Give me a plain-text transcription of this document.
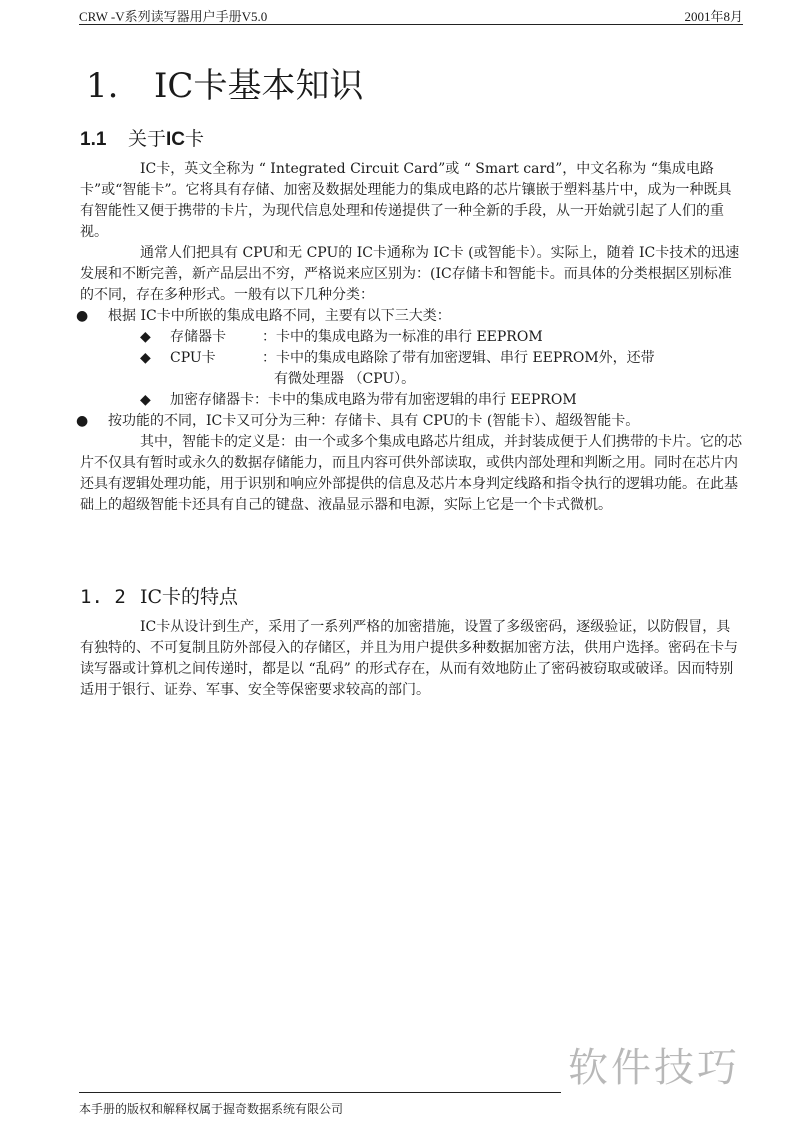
CRW -V系列读写器用户手册V5.0	2001年8月
1. IC卡基本知识
1.1 关于IC卡

IC卡，英文全称为 “ Integrated Circuit Card”或 “ Smart card”，中文名称为 “集成电路卡”或“智能卡”。它将具有存储、加密及数据处理能力的集成电路的芯片镶嵌于塑料基片中，成为一种既具有智能性又便于携带的卡片，为现代信息处理和传递提供了一种全新的手段，从一开始就引起了人们的重视。

通常人们把具有 CPU和无 CPU的 IC卡通称为 IC卡 (或智能卡）。实际上，随着 IC卡技术的迅速发展和不断完善，新产品层出不穷，严格说来应区别为：(IC存储卡和智能卡。而具体的分类根据区别标准的不同，存在多种形式。一般有以下几种分类：

● 根据 IC卡中所嵌的集成电路不同，主要有以下三大类：

◆ 存储器卡	：卡中的集成电路为一标准的串行 EEPROM

◆ CPU卡	：卡中的集成电路除了带有加密逻辑、串行 EEPROM外，还带

有微处理器 （CPU）。

◆ 加密存储器卡：卡中的集成电路为带有加密逻辑的串行 EEPROM

● 按功能的不同，IC卡又可分为三种：存储卡、具有 CPU的卡 (智能卡）、超级智能卡。

其中，智能卡的定义是：由一个或多个集成电路芯片组成，并封装成便于人们携带的卡片。它的芯片不仅具有暂时或永久的数据存储能力，而且内容可供外部读取，或供内部处理和判断之用。同时在芯片内还具有逻辑处理功能，用于识别和响应外部提供的信息及芯片本身判定线路和指令执行的逻辑功能。在此基础上的超级智能卡还具有自己的键盘、液晶显示器和电源，实际上它是一个卡式微机。

1. 2 IC卡的特点

IC卡从设计到生产，采用了一系列严格的加密措施，设置了多级密码，逐级验证，以防假冒，具有独特的、不可复制且防外部侵入的存储区，并且为用户提供多种数据加密方法，供用户选择。密码在卡与读写器或计算机之间传递时，都是以 “乱码” 的形式存在，从而有效地防止了密码被窃取或破译。因而特别适用于银行、证券、军事、安全等保密要求较高的部门。

软件技巧
本手册的版权和解释权属于握奇数据系统有限公司
